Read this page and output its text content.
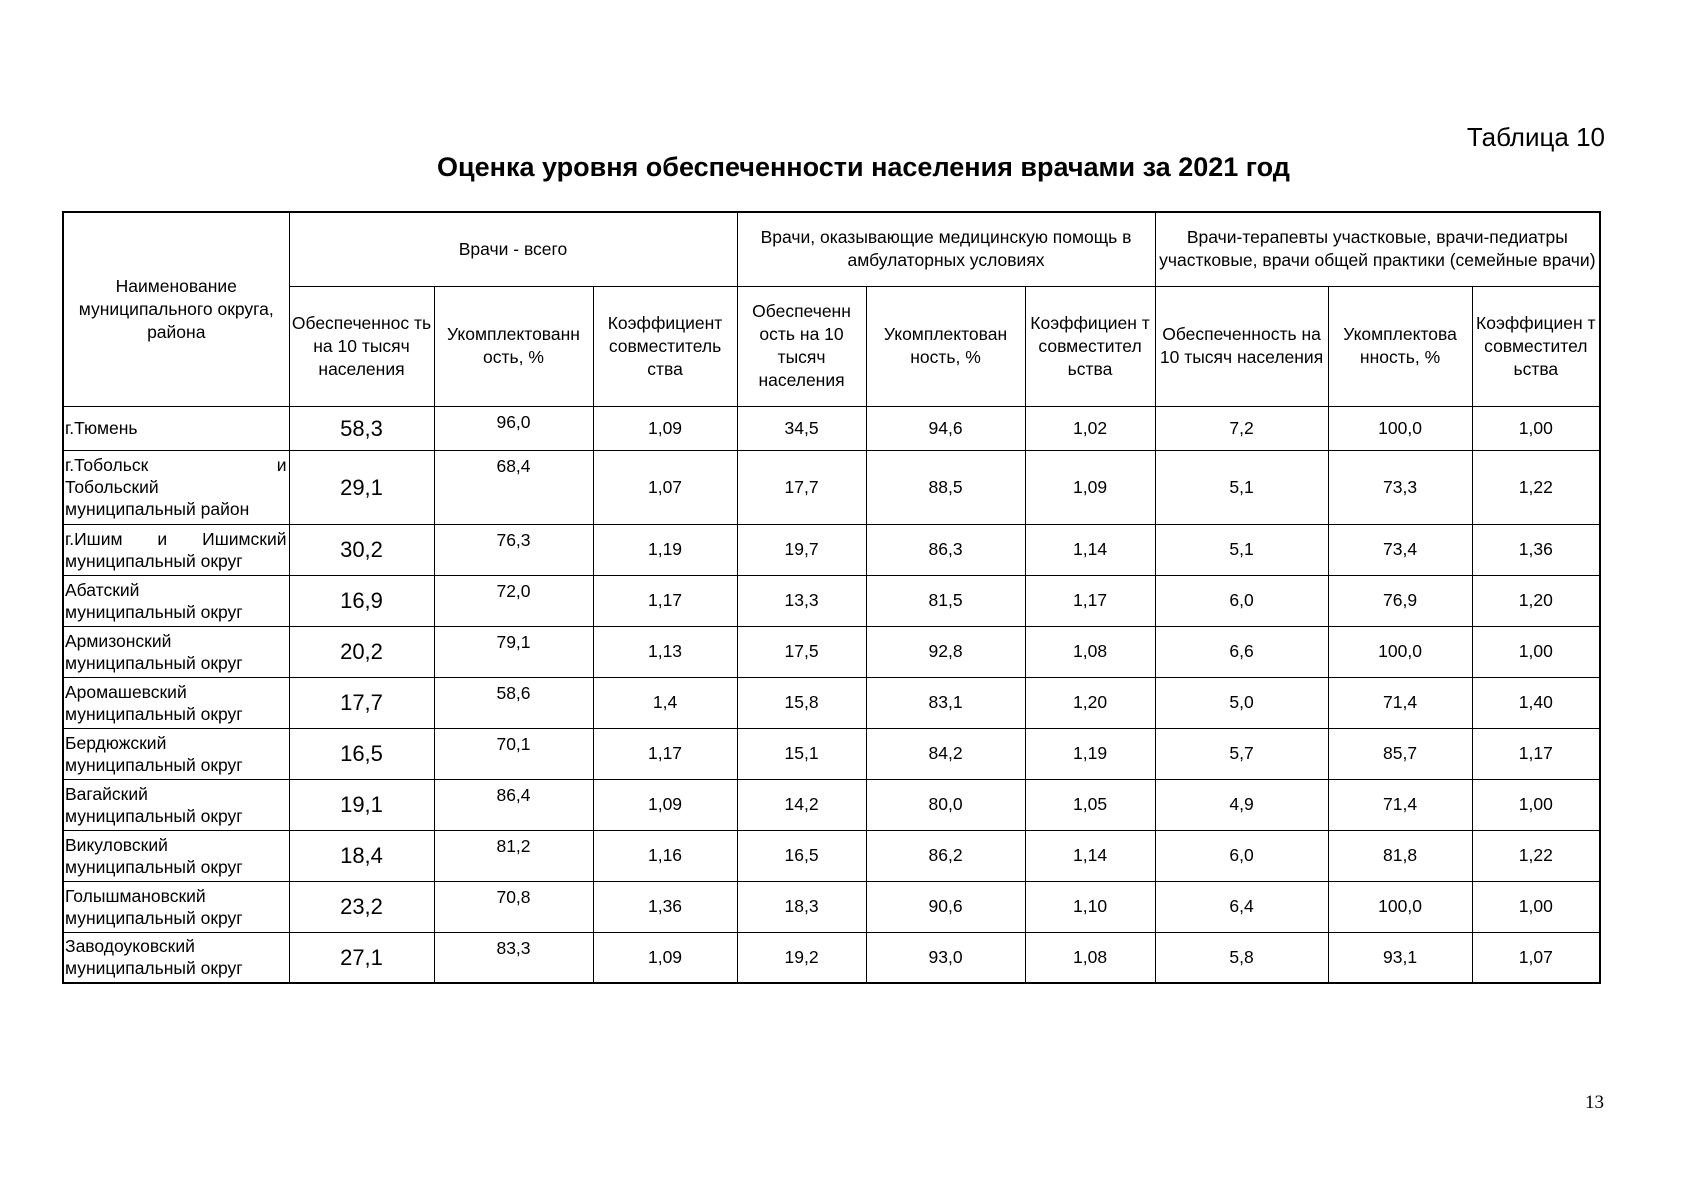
Таблица 10
Оценка уровня обеспеченности населения врачами за 2021 год
Наименование муниципального округа, района	Врачи - всего			Врачи, оказывающие медицинскую помощь в амбулаторных условиях			Врачи-терапевты участковые, врачи-педиатры участковые, врачи общей практики (семейные врачи)		
	Обеспеченнос ть на 10 тысяч населения	Укомплектованн ость, %	Коэффициент совместитель ства	Обеспеченн ость на 10 тысяч населения	Укомплектован ность, %	Коэффициен т совместител ьства	Обеспеченность на 10 тысяч населения	Укомплектова нность, %	Коэффициен т совместител ьства
г.Тюмень	58,3	96,0	1,09	34,5	94,6	1,02	7,2	100,0	1,00

г.Тобольск и
Тобольский
муниципальный район	29,1	68,4	1,07	17,7	88,5	1,09	5,1	73,3	1,22

г.Ишим и Ишимский
муниципальный округ	30,2	76,3	1,19	19,7	86,3	1,14	5,1	73,4	1,36

Абатский
муниципальный округ	16,9	72,0	1,17	13,3	81,5	1,17	6,0	76,9	1,20

Армизонский
муниципальный округ	20,2	79,1	1,13	17,5	92,8	1,08	6,6	100,0	1,00

Аромашевский
муниципальный округ	17,7	58,6	1,4	15,8	83,1	1,20	5,0	71,4	1,40

Бердюжский
муниципальный округ	16,5	70,1	1,17	15,1	84,2	1,19	5,7	85,7	1,17

Вагайский
муниципальный округ	19,1	86,4	1,09	14,2	80,0	1,05	4,9	71,4	1,00

Викуловский
муниципальный округ	18,4	81,2	1,16	16,5	86,2	1,14	6,0	81,8	1,22

Голышмановский
муниципальный округ	23,2	70,8	1,36	18,3	90,6	1,10	6,4	100,0	1,00

Заводоуковский
муниципальный округ	27,1	83,3	1,09	19,2	93,0	1,08	5,8	93,1	1,07
13
